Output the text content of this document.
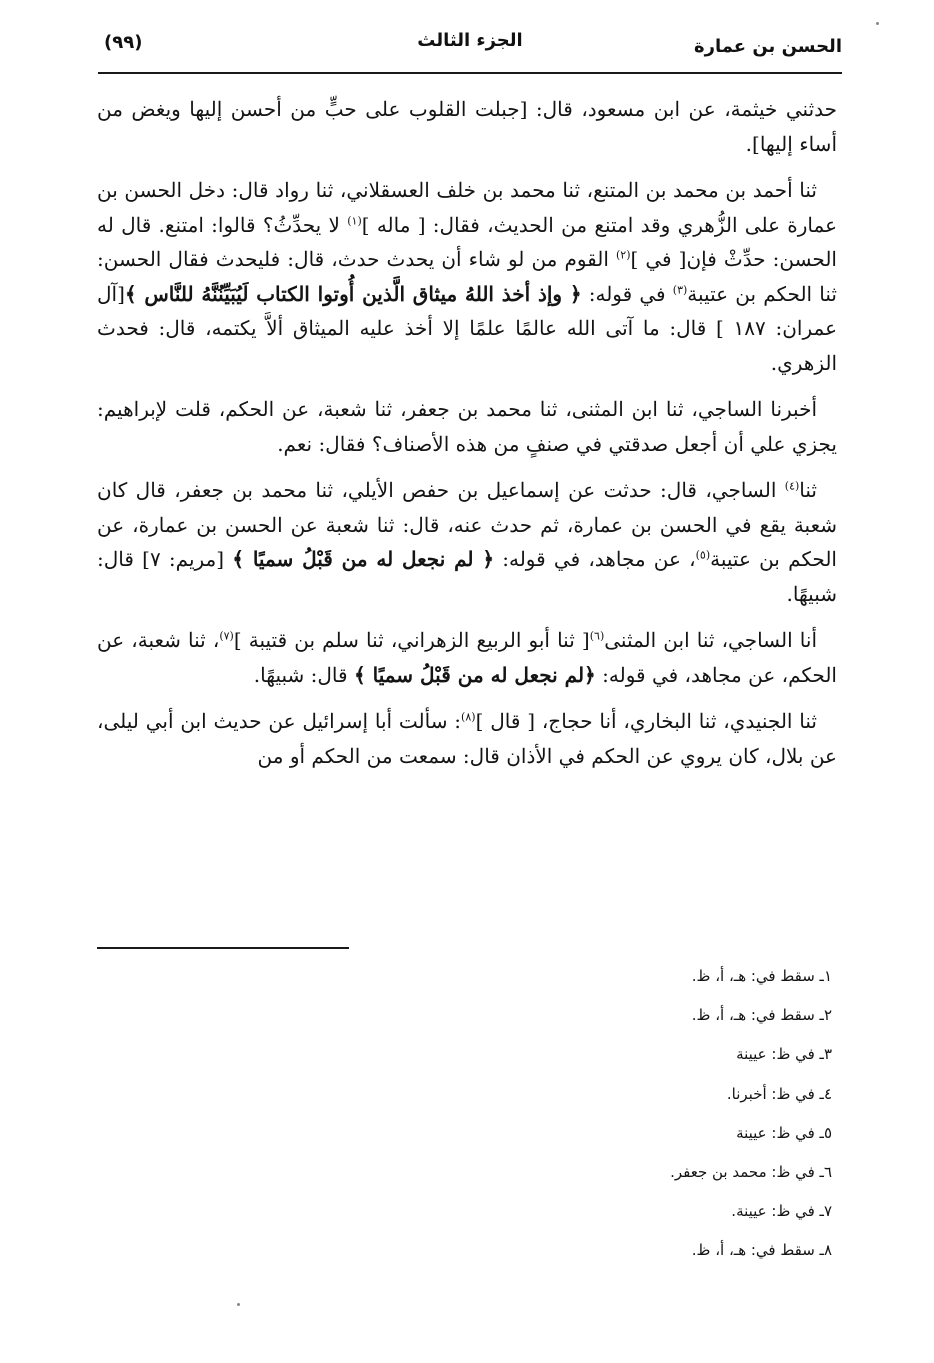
الحسن بن عمارة
الجزء الثالث
(٩٩)

حدثني خيثمة، عن ابن مسعود، قال: [جبلت القلوب على حبٍّ من أحسن إليها ويغض من أساء إليها].

ثنا أحمد بن محمد بن المتنع، ثنا محمد بن خلف العسقلاني، ثنا رواد قال: دخل الحسن بن عمارة على الزُّهري وقد امتنع من الحديث، فقال: [ ماله ]$^{(١)}$ لا يحدِّثُ؟ قالوا: امتنع. قال له الحسن: حدِّثْ فإن[ في ]$^{(٢)}$ القوم من لو شاء أن يحدث حدث، قال: فليحدث فقال الحسن: ثنا الحكم بن عتيبة$^{(٣)}$ في قوله: ﴿ وإذ أخذ اللهُ ميثاق الَّذين أُوتوا الكتاب لَيُبَيِّنُنَّهُ للنَّاس ﴾[آل عمران: ١٨٧ ] قال: ما آتى الله عالمًا علمًا إلا أخذ عليه الميثاق ألاَّ يكتمه، قال: فحدث الزهري.

أخبرنا الساجي، ثنا ابن المثنى، ثنا محمد بن جعفر، ثنا شعبة، عن الحكم، قلت لإبراهيم: يجزي علي أن أجعل صدقتي في صنفٍ من هذه الأصناف؟ فقال: نعم.

ثنا$^{(٤)}$ الساجي، قال: حدثت عن إسماعيل بن حفص الأيلي، ثنا محمد بن جعفر، قال كان شعبة يقع في الحسن بن عمارة، ثم حدث عنه، قال: ثنا شعبة عن الحسن بن عمارة، عن الحكم بن عتيبة$^{(٥)}$، عن مجاهد، في قوله: ﴿ لم نجعل له من قَبْلُ سميًا ﴾ [مريم: ٧] قال: شبيهًا.

أنا الساجي، ثنا ابن المثنى$^{(٦)}$[ ثنا أبو الربيع الزهراني، ثنا سلم بن قتيبة ]$^{(٧)}$، ثنا شعبة، عن الحكم، عن مجاهد، في قوله: ﴿لم نجعل له من قَبْلُ سميًا ﴾ قال: شبيهًا.

ثنا الجنيدي، ثنا البخاري، أنا حجاج، [ قال ]$^{(٨)}$: سألت أبا إسرائيل عن حديث ابن أبي ليلى، عن بلال، كان يروي عن الحكم في الأذان قال: سمعت من الحكم أو من

١ـ سقط في: هـ، أ، ظ.
٢ـ سقط في: هـ، أ، ظ.
٣ـ في ظ: عيينة
٤ـ في ظ: أخبرنا.
٥ـ في ظ: عيينة
٦ـ في ظ: محمد بن جعفر.
٧ـ في ظ: عيينة.
٨ـ سقط في: هـ، أ، ظ.
